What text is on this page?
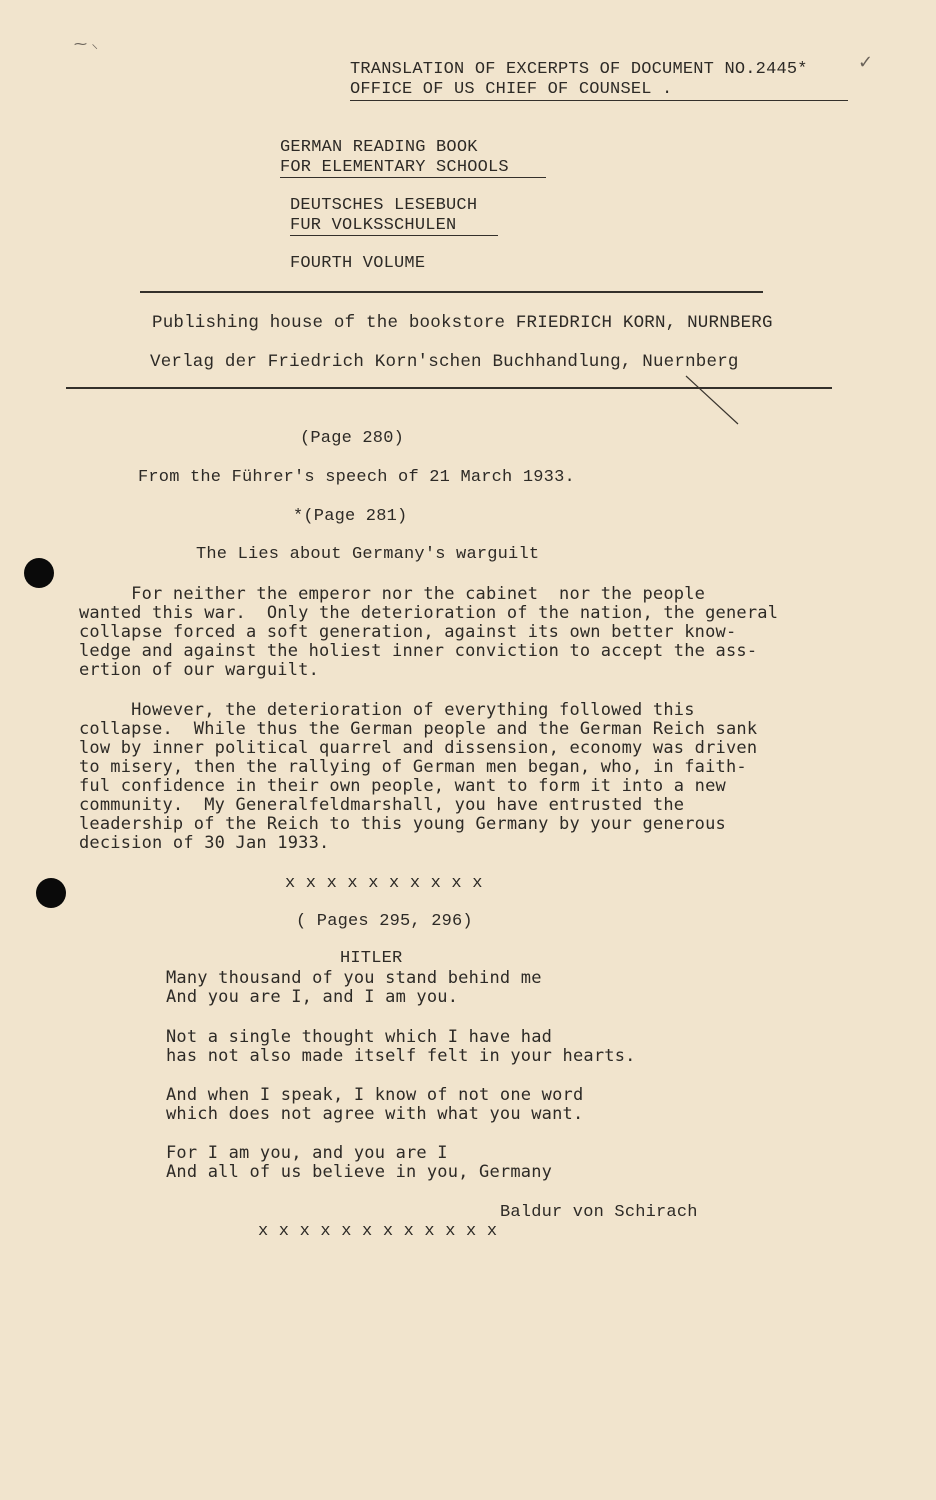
⁓ ⸜
✓
TRANSLATION OF EXCERPTS OF DOCUMENT NO.2445*
OFFICE OF US CHIEF OF COUNSEL .
GERMAN READING BOOK
FOR ELEMENTARY SCHOOLS
DEUTSCHES LESEBUCH
FUR VOLKSSCHULEN
FOURTH VOLUME
Publishing house of the bookstore FRIEDRICH KORN, NURNBERG
Verlag der Friedrich Korn'schen Buchhandlung, Nuernberg
(Page 280)
From the Führer's speech of 21 March 1933.
*(Page 281)
The Lies about Germany's warguilt
For neither the emperor nor the cabinet  nor the people
wanted this war.  Only the deterioration of the nation, the general
collapse forced a soft generation, against its own better know-
ledge and against the holiest inner conviction to accept the ass-
ertion of our warguilt.
However, the deterioration of everything followed this
collapse.  While thus the German people and the German Reich sank
low by inner political quarrel and dissension, economy was driven
to misery, then the rallying of German men began, who, in faith-
ful confidence in their own people, want to form it into a new
community.  My Generalfeldmarshall, you have entrusted the
leadership of the Reich to this young Germany by your generous
decision of 30 Jan 1933.
x x x x x x x x x x
( Pages 295, 296)
HITLER
Many thousand of you stand behind me
And you are I, and I am you.
Not a single thought which I have had
has not also made itself felt in your hearts.
And when I speak, I know of not one word
which does not agree with what you want.
For I am you, and you are I
And all of us believe in you, Germany
Baldur von Schirach
x x x x x x x x x x x x
